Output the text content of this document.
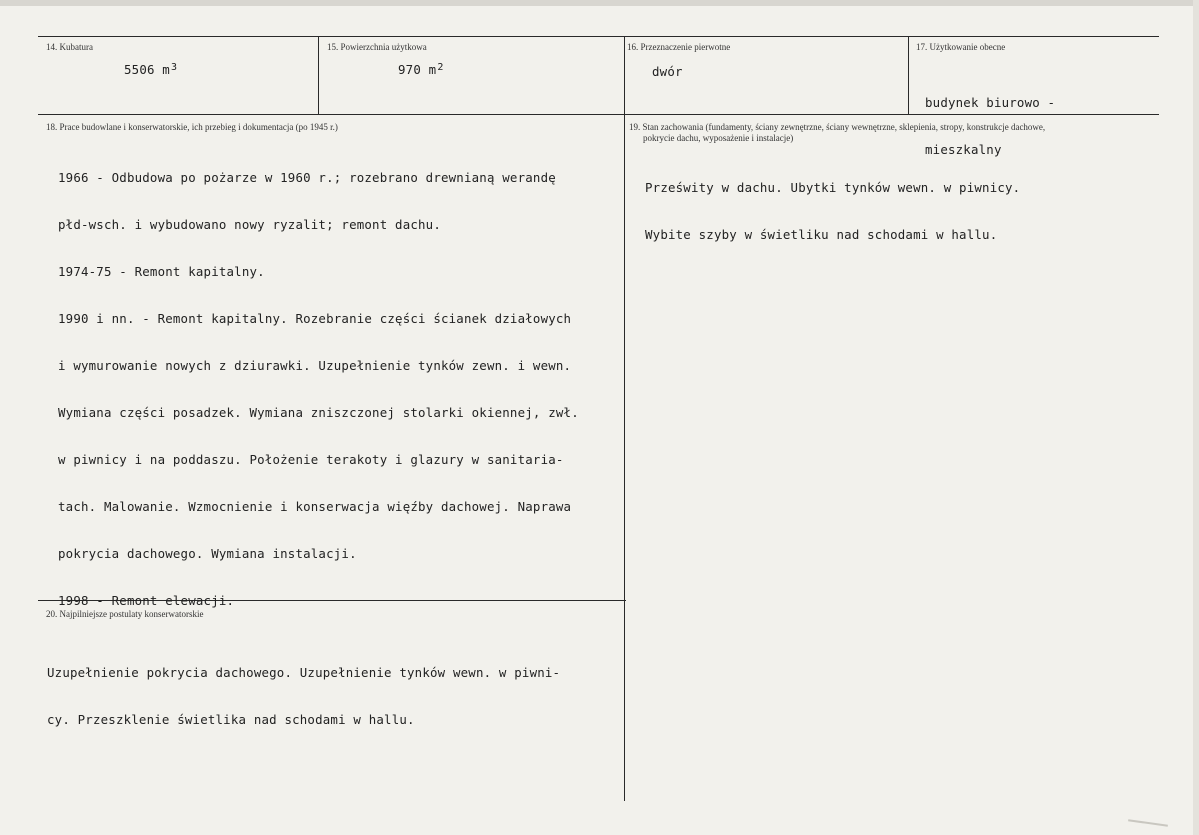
14. Kubatura
5506 $m^3$
15. Powierzchnia użytkowa
970 $m^2$
16. Przeznaczenie pierwotne
dwór
17. Użytkowanie obecne

budynek biurowo -

mieszkalny

18. Prace budowlane i konserwatorskie, ich przebieg i dokumentacja (po 1945 r.)

1966 - Odbudowa po pożarze w 1960 r.; rozebrano drewnianą werandę

płd-wsch. i wybudowano nowy ryzalit; remont dachu.

1974-75 - Remont kapitalny.

1990 i nn. - Remont kapitalny. Rozebranie części ścianek działowych

i wymurowanie nowych z dziurawki. Uzupełnienie tynków zewn. i wewn.

Wymiana części posadzek. Wymiana zniszczonej stolarki okiennej, zwł.

w piwnicy i na poddaszu. Położenie terakoty i glazury w sanitaria-

tach. Malowanie. Wzmocnienie i konserwacja więźby dachowej. Naprawa

pokrycia dachowego. Wymiana instalacji.

1998 - Remont elewacji.

19. Stan zachowania (fundamenty, ściany zewnętrzne, ściany wewnętrzne, sklepienia, stropy, konstrukcje dachowe,
pokrycie dachu, wyposażenie i instalacje)

Prześwity w dachu. Ubytki tynków wewn. w piwnicy.

Wybite szyby w świetliku nad schodami w hallu.

20. Najpilniejsze postulaty konserwatorskie

Uzupełnienie pokrycia dachowego. Uzupełnienie tynków wewn. w piwni-

cy. Przeszklenie świetlika nad schodami w hallu.
